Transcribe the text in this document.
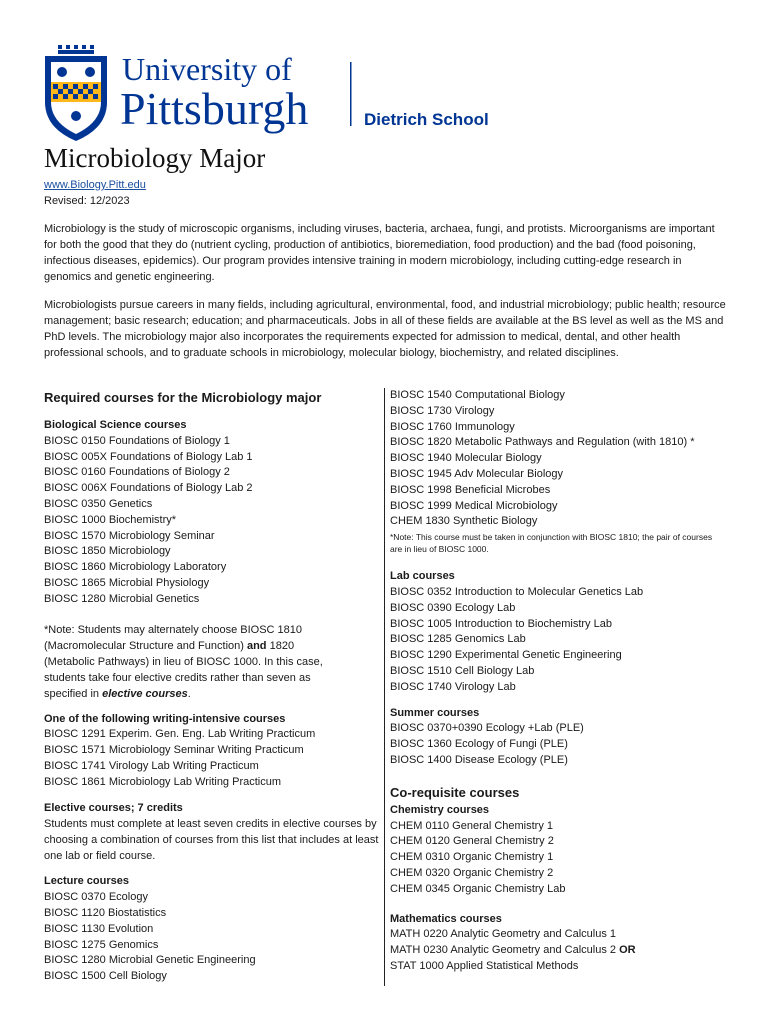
University of
Pittsburgh	Dietrich School
Microbiology Major
www.Biology.Pitt.edu
Revised: 12/2023

Microbiology is the study of microscopic organisms, including viruses, bacteria, archaea, fungi, and protists. Microorganisms are important for both the good that they do (nutrient cycling, production of antibiotics, bioremediation, food production) and the bad (food poisoning, infectious diseases, epidemics). Our program provides intensive training in modern microbiology, including cutting-edge research in genomics and genetic engineering.

Microbiologists pursue careers in many fields, including agricultural, environmental, food, and industrial microbiology; public health; resource management; basic research; education; and pharmaceuticals. Jobs in all of these fields are available at the BS level as well as the MS and PhD levels. The microbiology major also incorporates the requirements expected for admission to medical, dental, and other health professional schools, and to graduate schools in microbiology, molecular biology, biochemistry, and related disciplines.

Required courses for the Microbiology major
Biological Science courses
BIOSC 0150 Foundations of Biology 1
BIOSC 005X Foundations of Biology Lab 1
BIOSC 0160 Foundations of Biology 2
BIOSC 006X Foundations of Biology Lab 2
BIOSC 0350 Genetics
BIOSC 1000 Biochemistry*
BIOSC 1570 Microbiology Seminar
BIOSC 1850 Microbiology
BIOSC 1860 Microbiology Laboratory
BIOSC 1865 Microbial Physiology
BIOSC 1280 Microbial Genetics
*Note: Students may alternately choose BIOSC 1810 (Macromolecular Structure and Function) and 1820 (Metabolic Pathways) in lieu of BIOSC 1000. In this case, students take four elective credits rather than seven as specified in elective courses.
One of the following writing-intensive courses
BIOSC 1291 Experim. Gen. Eng. Lab Writing Practicum
BIOSC 1571 Microbiology Seminar Writing Practicum
BIOSC 1741 Virology Lab Writing Practicum
BIOSC 1861 Microbiology Lab Writing Practicum
Elective courses; 7 credits
Students must complete at least seven credits in elective courses by choosing a combination of courses from this list that includes at least one lab or field course.
Lecture courses
BIOSC 0370 Ecology
BIOSC 1120 Biostatistics
BIOSC 1130 Evolution
BIOSC 1275 Genomics
BIOSC 1280 Microbial Genetic Engineering
BIOSC 1500 Cell Biology
BIOSC 1540 Computational Biology
BIOSC 1730 Virology
BIOSC 1760 Immunology
BIOSC 1820 Metabolic Pathways and Regulation (with 1810) *
BIOSC 1940 Molecular Biology
BIOSC 1945 Adv Molecular Biology
BIOSC 1998 Beneficial Microbes
BIOSC 1999 Medical Microbiology
CHEM 1830 Synthetic Biology
*Note: This course must be taken in conjunction with BIOSC 1810; the pair of courses are in lieu of BIOSC 1000.
Lab courses
BIOSC 0352 Introduction to Molecular Genetics Lab
BIOSC 0390 Ecology Lab
BIOSC 1005 Introduction to Biochemistry Lab
BIOSC 1285 Genomics Lab
BIOSC 1290 Experimental Genetic Engineering
BIOSC 1510 Cell Biology Lab
BIOSC 1740 Virology Lab
Summer courses
BIOSC 0370+0390 Ecology +Lab (PLE)
BIOSC 1360 Ecology of Fungi (PLE)
BIOSC 1400 Disease Ecology (PLE)
Co-requisite courses
Chemistry courses
CHEM 0110 General Chemistry 1
CHEM 0120 General Chemistry 2
CHEM 0310 Organic Chemistry 1
CHEM 0320 Organic Chemistry 2
CHEM 0345 Organic Chemistry Lab
Mathematics courses
MATH 0220 Analytic Geometry and Calculus 1
MATH 0230 Analytic Geometry and Calculus 2 OR
STAT 1000 Applied Statistical Methods
